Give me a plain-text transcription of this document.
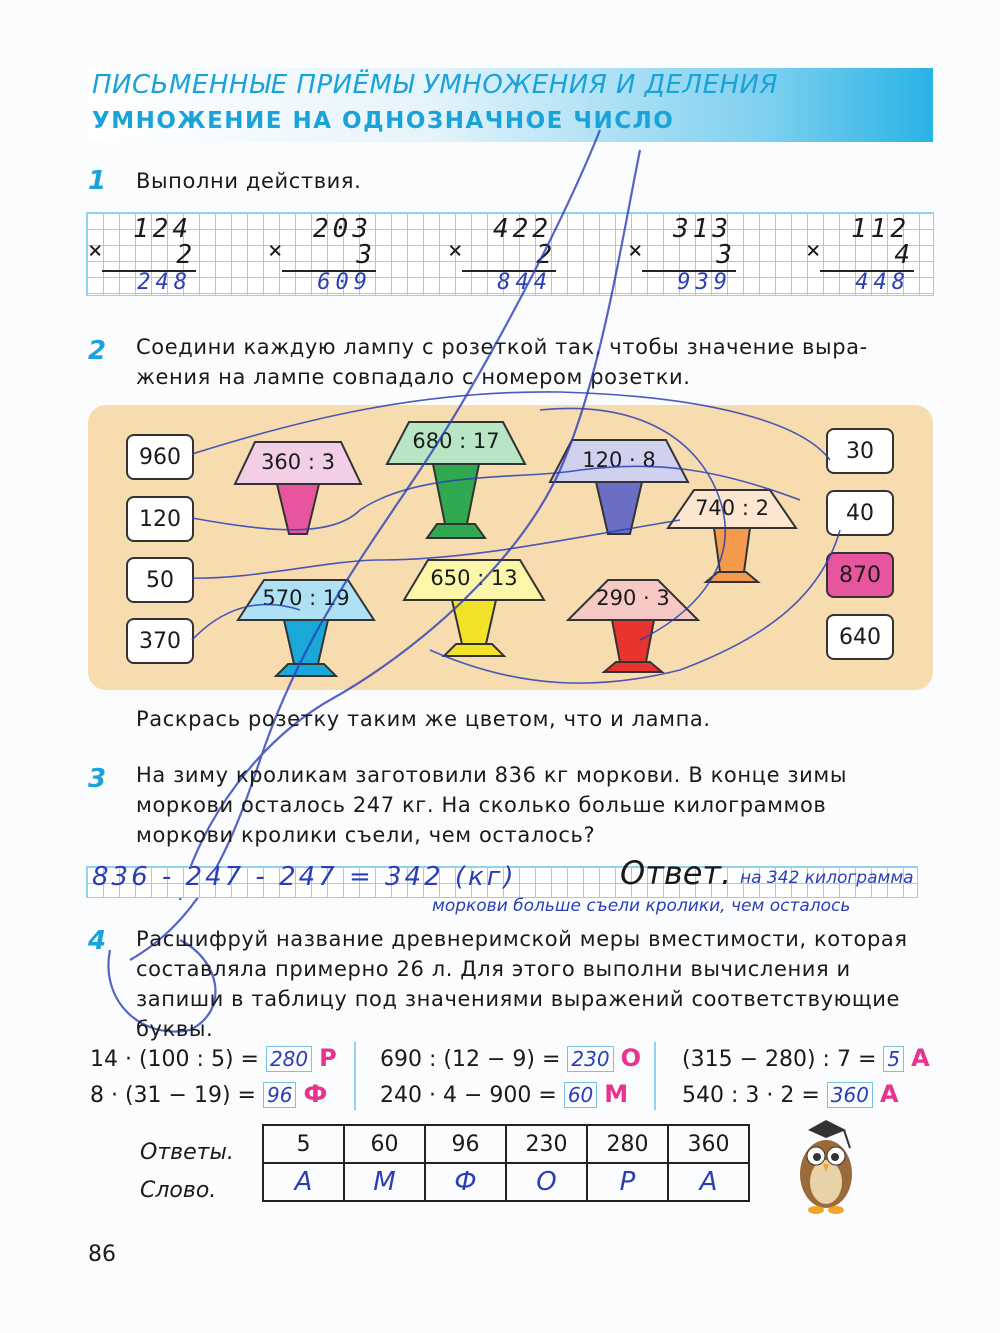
ПИСЬМЕННЫЕ ПРИЁМЫ УМНОЖЕНИЯ И ДЕЛЕНИЯ
УМНОЖЕНИЕ НА ОДНОЗНАЧНОЕ ЧИСЛО
1 Выполни действия.
×
124
2
248
×
203
3
609
×
422
2
844
×
313
3
939
×
112
4
448
2 Соедини каждую лампу с розеткой так, чтобы значение выра-
жения на лампе совпадало с номером розетки.
960
120
50
370
30
40
870
640
360 : 3
680 : 17
120 · 8
740 : 2
570 : 19
650 : 13
290 · 3
Раскрась розетку таким же цветом, что и лампа.
3 На зиму кроликам заготовили 836 кг моркови. В конце зимы
моркови осталось 247 кг. На сколько больше килограммов
моркови кролики съели, чем осталось?
836 - 247 - 247 = 342 (кг)	Ответ. на 342 килограмма
моркови больше съели кролики, чем осталось
4 Расшифруй название древнеримской меры вместимости, которая
составляла примерно 26 л. Для этого выполни вычисления и
запиши в таблицу под значениями выражений соответствующие
буквы.
14 · (100 : 5) = 280 Р
8 · (31 − 19) = 96 Ф
690 : (12 − 9) = 230 О
240 · 4 − 900 = 60 М
(315 − 280) : 7 = 5 А
540 : 3 · 2 = 360 А
Ответы.
Слово.
5	60	96	230	280	360
А	М	Ф	О	Р	А
86
